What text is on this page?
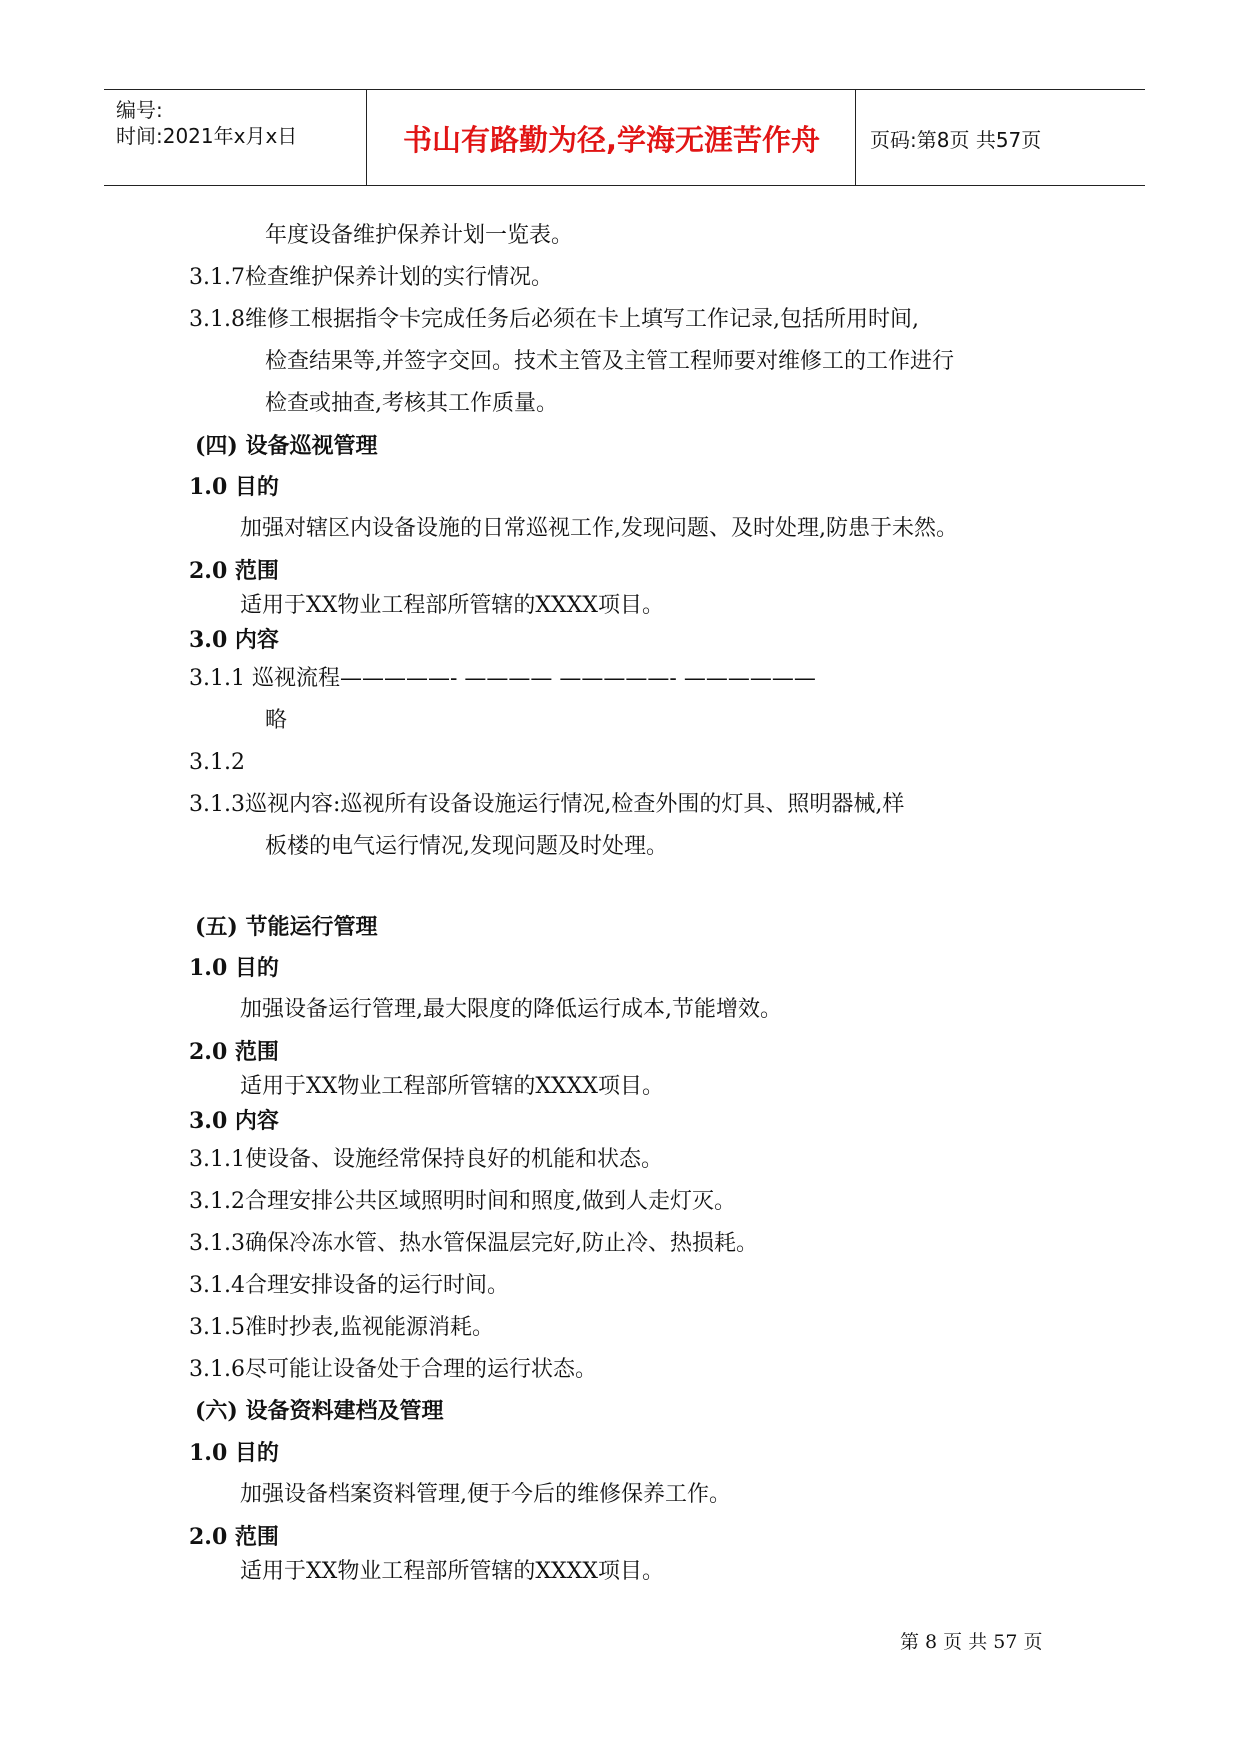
编号:
时间:2021年x月x日	书山有路勤为径,学海无涯苦作舟	页码:第8页 共57页
年度设备维护保养计划一览表。
3.1.7检查维护保养计划的实行情况。
3.1.8维修工根据指令卡完成任务后必须在卡上填写工作记录,包括所用时间,
检查结果等,并签字交回。技术主管及主管工程师要对维修工的工作进行
检查或抽查,考核其工作质量。
(四) 设备巡视管理
1.0 目的
加强对辖区内设备设施的日常巡视工作,发现问题、及时处理,防患于未然。
2.0 范围
适用于XX物业工程部所管辖的XXXX项目。
3.0 内容
3.1.1 巡视流程—————- ———— —————- ——————
略
3.1.2
3.1.3巡视内容:巡视所有设备设施运行情况,检查外围的灯具、照明器械,样
板楼的电气运行情况,发现问题及时处理。
(五) 节能运行管理
1.0 目的
加强设备运行管理,最大限度的降低运行成本,节能增效。
2.0 范围
适用于XX物业工程部所管辖的XXXX项目。
3.0 内容
3.1.1使设备、设施经常保持良好的机能和状态。
3.1.2合理安排公共区域照明时间和照度,做到人走灯灭。
3.1.3确保冷冻水管、热水管保温层完好,防止冷、热损耗。
3.1.4合理安排设备的运行时间。
3.1.5准时抄表,监视能源消耗。
3.1.6尽可能让设备处于合理的运行状态。
(六) 设备资料建档及管理
1.0 目的
加强设备档案资料管理,便于今后的维修保养工作。
2.0 范围
适用于XX物业工程部所管辖的XXXX项目。
第 8 页 共 57 页
